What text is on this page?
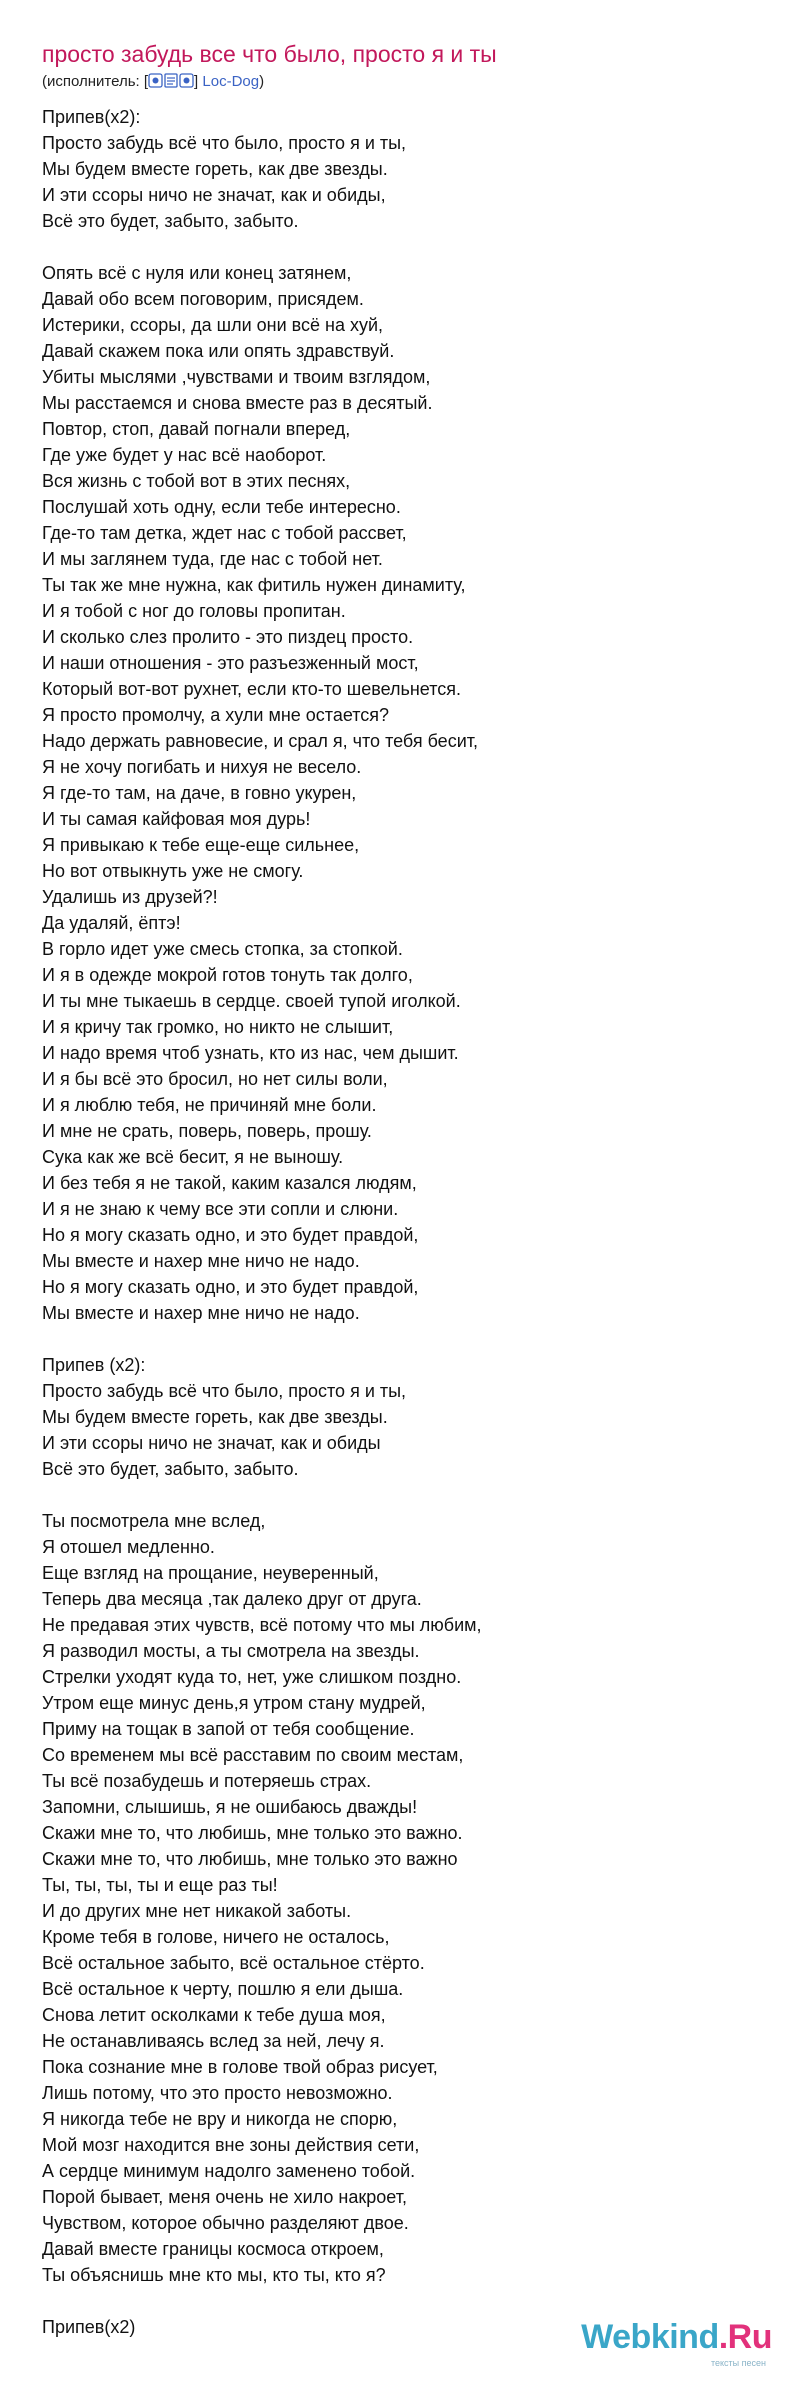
просто забудь все что было, просто я и ты
(исполнитель: [	] Loc-Dog)
Припев(x2):
Просто забудь всё что было, просто я и ты,
Мы будем вместе гореть, как две звезды.
И эти ссоры ничо не значат, как и обиды,
Всё это будет, забыто, забыто.
Опять всё с нуля или конец затянем,
Давай обо всем поговорим, присядем.
Истерики, ссоры, да шли они всё на хуй,
Давай скажем пока или опять здравствуй.
Убиты мыслями ,чувствами и твоим взглядом,
Мы расстаемся и снова вместе раз в десятый.
Повтор, стоп, давай погнали вперед,
Где уже будет у нас всё наоборот.
Вся жизнь с тобой вот в этих песнях,
Послушай хоть одну, если тебе интересно.
Где-то там детка, ждет нас с тобой рассвет,
И мы заглянем туда, где нас с тобой нет.
Ты так же мне нужна, как фитиль нужен динамиту,
И я тобой с ног до головы пропитан.
И сколько слез пролито - это пиздец просто.
И наши отношения - это разъезженный мост,
Который вот-вот рухнет, если кто-то шевельнется.
Я просто промолчу, а хули мне остается?
Надо держать равновесие, и срал я, что тебя бесит,
Я не хочу погибать и нихуя не весело.
Я где-то там, на даче, в говно укурен,
И ты самая кайфовая моя дурь!
Я привыкаю к тебе еще-еще сильнее,
Но вот отвыкнуть уже не смогу.
Удалишь из друзей?!
Да удаляй, ёптэ!
В горло идет уже смесь стопка, за стопкой.
И я в одежде мокрой готов тонуть так долго,
И ты мне тыкаешь в сердце. своей тупой иголкой.
И я кричу так громко, но никто не слышит,
И надо время чтоб узнать, кто из нас, чем дышит.
И я бы всё это бросил, но нет силы воли,
И я люблю тебя, не причиняй мне боли.
И мне не срать, поверь, поверь, прошу.
Сука как же всё бесит, я не выношу.
И без тебя я не такой, каким казался людям,
И я не знаю к чему все эти сопли и слюни.
Но я могу сказать одно, и это будет правдой,
Мы вместе и нахер мне ничо не надо.
Но я могу сказать одно, и это будет правдой,
Мы вместе и нахер мне ничо не надо.
Припев (x2):
Просто забудь всё что было, просто я и ты,
Мы будем вместе гореть, как две звезды.
И эти ссоры ничо не значат, как и обиды
Всё это будет, забыто, забыто.
Ты посмотрела мне вслед,
Я отошел медленно.
Еще взгляд на прощание, неуверенный,
Теперь два месяца ,так далеко друг от друга.
Не предавая этих чувств, всё потому что мы любим,
Я разводил мосты, а ты смотрела на звезды.
Стрелки уходят куда то, нет, уже слишком поздно.
Утром еще минус день,я утром стану мудрей,
Приму на тощак в запой от тебя сообщение.
Со временем мы всё расставим по своим местам,
Ты всё позабудешь и потеряешь страх.
Запомни, слышишь, я не ошибаюсь дважды!
Скажи мне то, что любишь, мне только это важно.
Скажи мне то, что любишь, мне только это важно
Ты, ты, ты, ты и еще раз ты!
И до других мне нет никакой заботы.
Кроме тебя в голове, ничего не осталось,
Всё остальное забыто, всё остальное стёрто.
Всё остальное к черту, пошлю я ели дыша.
Снова летит осколками к тебе душа моя,
Не останавливаясь вслед за ней, лечу я.
Пока сознание мне в голове твой образ рисует,
Лишь потому, что это просто невозможно.
Я никогда тебе не вру и никогда не спорю,
Мой мозг находится вне зоны действия сети,
А сердце минимум надолго заменено тобой.
Порой бывает, меня очень не хило накроет,
Чувством, которое обычно разделяют двое.
Давай вместе границы космоса откроем,
Ты объяснишь мне кто мы, кто ты, кто я?
Припев(x2)	Webkind.Ru
тексты песен
